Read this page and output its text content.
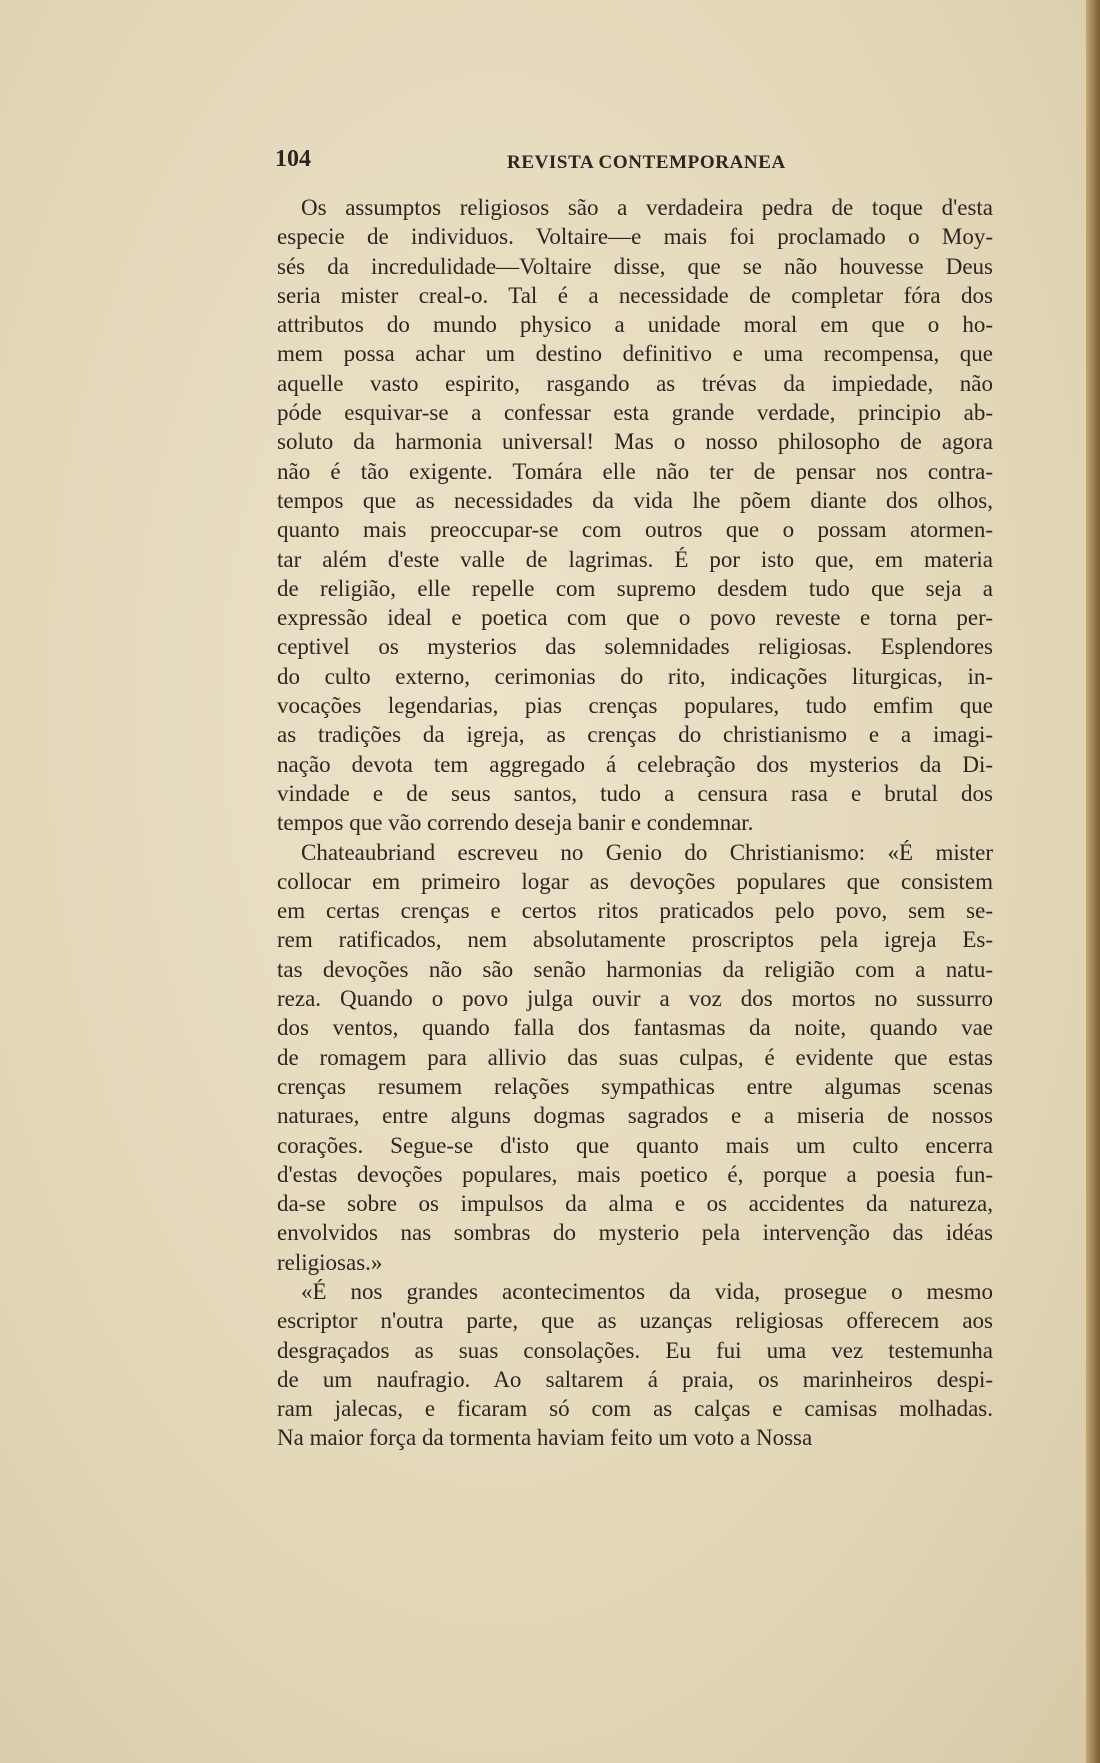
104	REVISTA CONTEMPORANEA
Os assumptos religiosos são a verdadeira pedra de toque d'esta
especie de individuos. Voltaire—e mais foi proclamado o Moy-
sés da incredulidade—Voltaire disse, que se não houvesse Deus
seria mister creal-o. Tal é a necessidade de completar fóra dos
attributos do mundo physico a unidade moral em que o ho-
mem possa achar um destino definitivo e uma recompensa, que
aquelle vasto espirito, rasgando as trévas da impiedade, não
póde esquivar-se a confessar esta grande verdade, principio ab-
soluto da harmonia universal! Mas o nosso philosopho de agora
não é tão exigente. Tomára elle não ter de pensar nos contra-
tempos que as necessidades da vida lhe põem diante dos olhos,
quanto mais preoccupar-se com outros que o possam atormen-
tar além d'este valle de lagrimas. É por isto que, em materia
de religião, elle repelle com supremo desdem tudo que seja a
expressão ideal e poetica com que o povo reveste e torna per-
ceptivel os mysterios das solemnidades religiosas. Esplendores
do culto externo, cerimonias do rito, indicações liturgicas, in-
vocações legendarias, pias crenças populares, tudo emfim que
as tradições da igreja, as crenças do christianismo e a imagi-
nação devota tem aggregado á celebração dos mysterios da Di-
vindade e de seus santos, tudo a censura rasa e brutal dos
tempos que vão correndo deseja banir e condemnar.
Chateaubriand escreveu no Genio do Christianismo: «É mister
collocar em primeiro logar as devoções populares que consistem
em certas crenças e certos ritos praticados pelo povo, sem se-
rem ratificados, nem absolutamente proscriptos pela igreja Es-
tas devoções não são senão harmonias da religião com a natu-
reza. Quando o povo julga ouvir a voz dos mortos no sussurro
dos ventos, quando falla dos fantasmas da noite, quando vae
de romagem para allivio das suas culpas, é evidente que estas
crenças resumem relações sympathicas entre algumas scenas
naturaes, entre alguns dogmas sagrados e a miseria de nossos
corações. Segue-se d'isto que quanto mais um culto encerra
d'estas devoções populares, mais poetico é, porque a poesia fun-
da-se sobre os impulsos da alma e os accidentes da natureza,
envolvidos nas sombras do mysterio pela intervenção das idéas
religiosas.»
«É nos grandes acontecimentos da vida, prosegue o mesmo
escriptor n'outra parte, que as uzanças religiosas offerecem aos
desgraçados as suas consolações. Eu fui uma vez testemunha
de um naufragio. Ao saltarem á praia, os marinheiros despi-
ram jalecas, e ficaram só com as calças e camisas molhadas.
Na maior força da tormenta haviam feito um voto a Nossa
